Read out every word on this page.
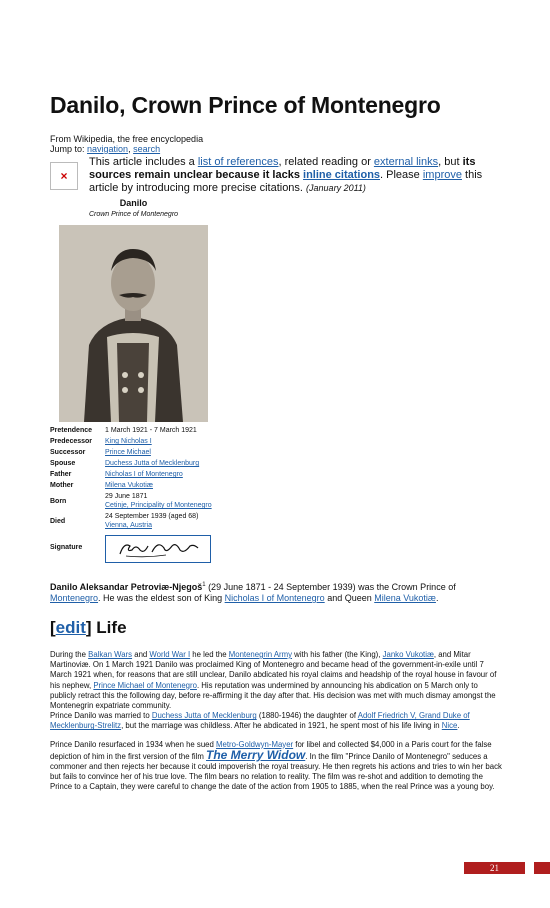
Danilo, Crown Prince of Montenegro
From Wikipedia, the free encyclopedia
Jump to: navigation, search
×
This article includes a list of references, related reading or external links, but its sources remain unclear because it lacks inline citations. Please improve this article by introducing more precise citations. (January 2011)
Danilo
Crown Prince of Montenegro
Pretendence	1 March 1921 - 7 March 1921
Predecessor	King Nicholas I
Successor	Prince Michael
Spouse	Duchess Jutta of Mecklenburg
Father	Nicholas I of Montenegro
Mother	Milena Vukotiæ
Born	29 June 1871
Cetinje, Principality of Montenegro
Died	24 September 1939 (aged 68)
Vienna, Austria
Signature	
Danilo Aleksandar Petroviæ-Njegoš$^1$ (29 June 1871 - 24 September 1939) was the Crown Prince of Montenegro. He was the eldest son of King Nicholas I of Montenegro and Queen Milena Vukotiæ.
[edit] Life

During the Balkan Wars and World War I he led the Montenegrin Army with his father (the King), Janko Vukotiæ, and Mitar Martinoviæ. On 1 March 1921 Danilo was proclaimed King of Montenegro and became head of the government-in-exile until 7 March 1921 when, for reasons that are still unclear, Danilo abdicated his royal claims and headship of the royal house in favour of his nephew, Prince Michael of Montenegro. His reputation was undermined by announcing his abdication on 5 March only to publicly retract this the following day, before re-affirming it the day after that. His decision was met with much dismay amongst the Montenegrin expatriate community.

Prince Danilo was married to Duchess Jutta of Mecklenburg (1880-1946) the daughter of Adolf Friedrich V, Grand Duke of Mecklenburg-Strelitz, but the marriage was childless. After he abdicated in 1921, he spent most of his life living in Nice.

Prince Danilo resurfaced in 1934 when he sued Metro-Goldwyn-Mayer for libel and collected $4,000 in a Paris court for the false depiction of him in the first version of the film The Merry Widow. In the film "Prince Danilo of Montenegro" seduces a commoner and then rejects her because it could impoverish the royal treasury. He then regrets his actions and tries to win her back but fails to convince her of his true love. The film bears no relation to reality. The film was re-shot and addition to demoting the Prince to a Captain, they were careful to change the date of the action from 1905 to 1885, when the real Prince was a young boy.

21
